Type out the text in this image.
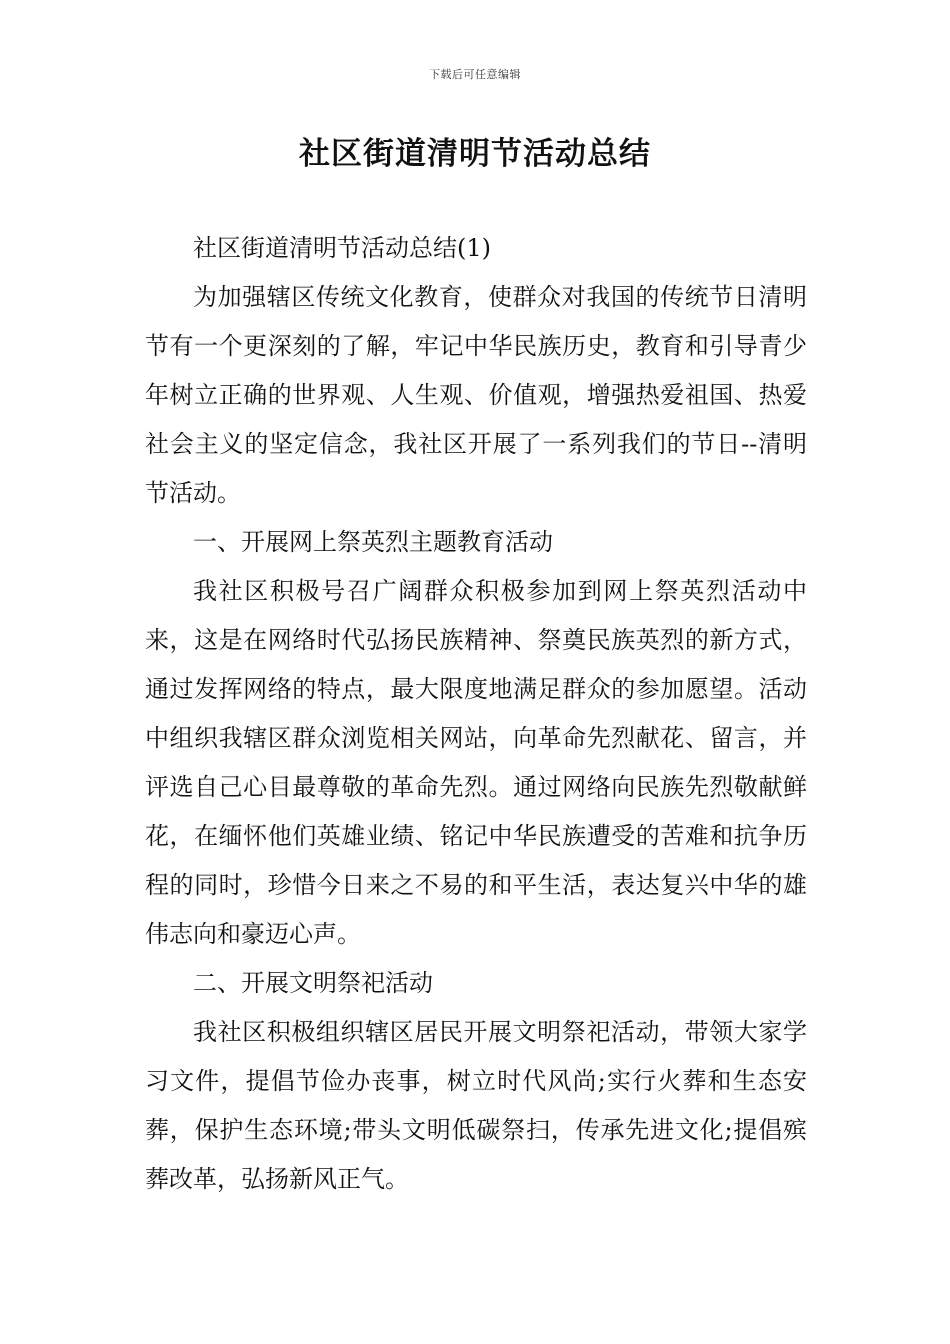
下载后可任意编辑
社区街道清明节活动总结

社区街道清明节活动总结(1)

为加强辖区传统文化教育，使群众对我国的传统节日清明节有一个更深刻的了解，牢记中华民族历史，教育和引导青少年树立正确的世界观、人生观、价值观，增强热爱祖国、热爱社会主义的坚定信念，我社区开展了一系列我们的节日--清明节活动。

一、开展网上祭英烈主题教育活动

我社区积极号召广阔群众积极参加到网上祭英烈活动中来，这是在网络时代弘扬民族精神、祭奠民族英烈的新方式，通过发挥网络的特点，最大限度地满足群众的参加愿望。活动中组织我辖区群众浏览相关网站，向革命先烈献花、留言，并评选自己心目最尊敬的革命先烈。通过网络向民族先烈敬献鲜花，在缅怀他们英雄业绩、铭记中华民族遭受的苦难和抗争历程的同时，珍惜今日来之不易的和平生活，表达复兴中华的雄伟志向和豪迈心声。

二、开展文明祭祀活动

我社区积极组织辖区居民开展文明祭祀活动，带领大家学习文件，提倡节俭办丧事，树立时代风尚;实行火葬和生态安葬，保护生态环境;带头文明低碳祭扫，传承先进文化;提倡殡葬改革，弘扬新风正气。
